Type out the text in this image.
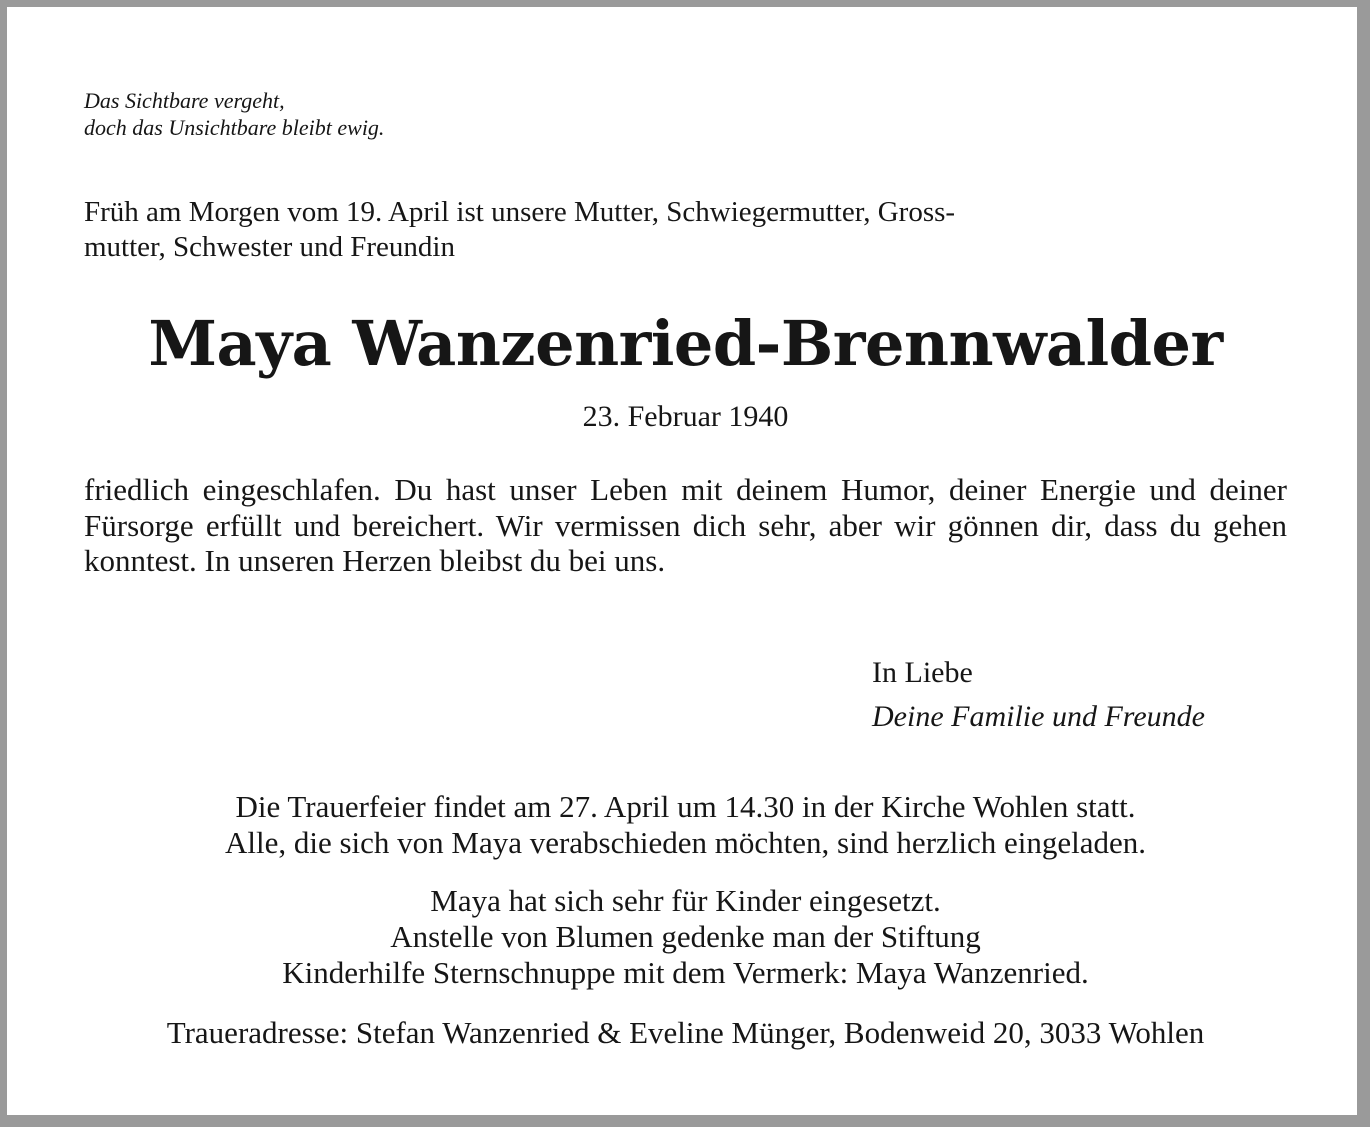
Das Sichtbare vergeht,
doch das Unsichtbare bleibt ewig.
Früh am Morgen vom 19. April ist unsere Mutter, Schwiegermutter, Gross-
mutter, Schwester und Freundin
Maya Wanzenried-Brennwalder
23. Februar 1940
friedlich eingeschlafen. Du hast unser Leben mit deinem Humor, deiner Energie und deiner Fürsorge erfüllt und bereichert. Wir vermissen dich sehr, aber wir gönnen dir, dass du gehen konntest. In unseren Herzen bleibst du bei uns.
In Liebe
Deine Familie und Freunde
Die Trauerfeier findet am 27. April um 14.30 in der Kirche Wohlen statt.
Alle, die sich von Maya verabschieden möchten, sind herzlich eingeladen.
Maya hat sich sehr für Kinder eingesetzt.
Anstelle von Blumen gedenke man der Stiftung
Kinderhilfe Sternschnuppe mit dem Vermerk: Maya Wanzenried.
Traueradresse: Stefan Wanzenried & Eveline Münger, Bodenweid 20, 3033 Wohlen
